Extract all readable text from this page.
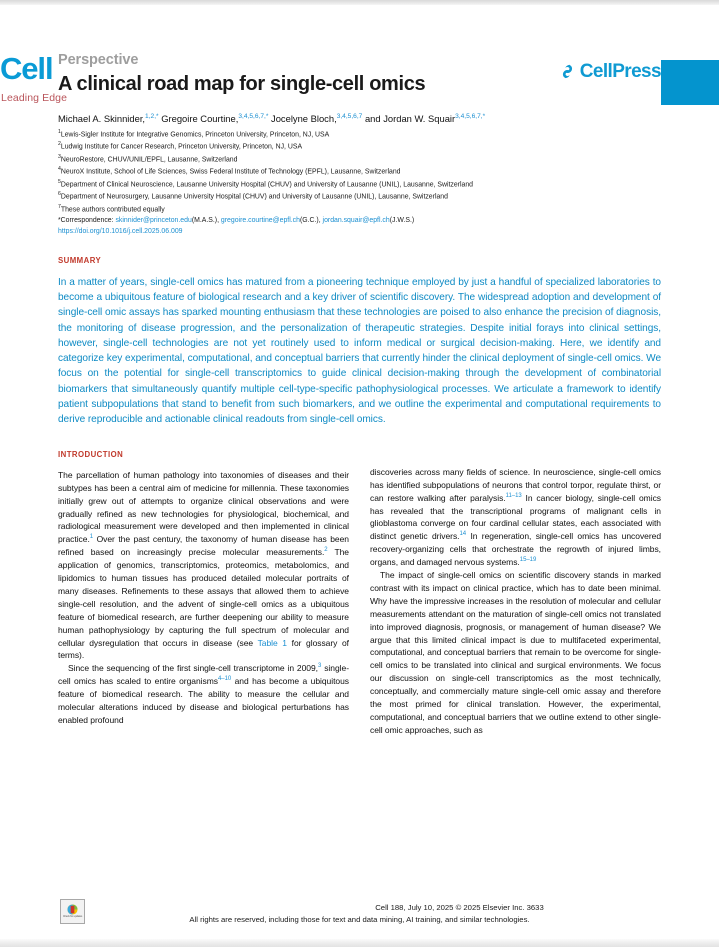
Cell
Leading Edge
CellPress
Perspective
A clinical road map for single-cell omics
Michael A. Skinnider,$^{1,2,*}$ Gregoire Courtine,$^{3,4,5,6,7,*}$ Jocelyne Bloch,$^{3,4,5,6,7}$ and Jordan W. Squair$^{3,4,5,6,7,*}$
$^1$Lewis-Sigler Institute for Integrative Genomics, Princeton University, Princeton, NJ, USA
$^2$Ludwig Institute for Cancer Research, Princeton University, Princeton, NJ, USA
$^3$NeuroRestore, CHUV/UNIL/EPFL, Lausanne, Switzerland
$^4$NeuroX Institute, School of Life Sciences, Swiss Federal Institute of Technology (EPFL), Lausanne, Switzerland
$^5$Department of Clinical Neuroscience, Lausanne University Hospital (CHUV) and University of Lausanne (UNIL), Lausanne, Switzerland
$^6$Department of Neurosurgery, Lausanne University Hospital (CHUV) and University of Lausanne (UNIL), Lausanne, Switzerland
$^7$These authors contributed equally
*Correspondence: skinnider@princeton.edu(M.A.S.), gregoire.courtine@epfl.ch(G.C.), jordan.squair@epfl.ch(J.W.S.)
https://doi.org/10.1016/j.cell.2025.06.009
SUMMARY
In a matter of years, single-cell omics has matured from a pioneering technique employed by just a handful of specialized laboratories to become a ubiquitous feature of biological research and a key driver of scientific discovery. The widespread adoption and development of single-cell omic assays has sparked mounting enthusiasm that these technologies are poised to also enhance the precision of diagnosis, the monitoring of disease progression, and the personalization of therapeutic strategies. Despite initial forays into clinical settings, however, single-cell technologies are not yet routinely used to inform medical or surgical decision-making. Here, we identify and categorize key experimental, computational, and conceptual barriers that currently hinder the clinical deployment of single-cell omics. We focus on the potential for single-cell transcriptomics to guide clinical decision-making through the development of combinatorial biomarkers that simultaneously quantify multiple cell-type-specific pathophysiological processes. We articulate a framework to identify patient subpopulations that stand to benefit from such biomarkers, and we outline the experimental and computational requirements to derive reproducible and actionable clinical readouts from single-cell omics.
INTRODUCTION

The parcellation of human pathology into taxonomies of diseases and their subtypes has been a central aim of medicine for millennia. These taxonomies initially grew out of attempts to organize clinical observations and were gradually refined as new technologies for physiological, biochemical, and radiological measurement were developed and then implemented in clinical practice.$^1$ Over the past century, the taxonomy of human disease has been refined based on increasingly precise molecular measurements.$^2$ The application of genomics, transcriptomics, proteomics, metabolomics, and lipidomics to human tissues has produced detailed molecular portraits of many diseases. Refinements to these assays that allowed them to achieve single-cell resolution, and the advent of single-cell omics as a ubiquitous feature of biomedical research, are further deepening our ability to measure human pathophysiology by capturing the full spectrum of molecular and cellular dysregulation that occurs in disease (see Table 1 for glossary of terms).

Since the sequencing of the first single-cell transcriptome in 2009,$^3$ single-cell omics has scaled to entire organisms$^{4-10}$ and has become a ubiquitous feature of biomedical research. The ability to measure the cellular and molecular alterations induced by disease and biological perturbations has enabled profound

discoveries across many fields of science. In neuroscience, single-cell omics has identified subpopulations of neurons that control torpor, regulate thirst, or can restore walking after paralysis.$^{11-13}$ In cancer biology, single-cell omics has revealed that the transcriptional programs of malignant cells in glioblastoma converge on four cardinal cellular states, each associated with distinct genetic drivers.$^{14}$ In regeneration, single-cell omics has uncovered recovery-organizing cells that orchestrate the regrowth of injured limbs, organs, and damaged nervous systems.$^{15-19}$

The impact of single-cell omics on scientific discovery stands in marked contrast with its impact on clinical practice, which has to date been minimal. Why have the impressive increases in the resolution of molecular and cellular measurements attendant on the maturation of single-cell omics not translated into improved diagnosis, prognosis, or management of human disease? We argue that this limited clinical impact is due to multifaceted experimental, computational, and conceptual barriers that remain to be overcome for single-cell omics to be translated into clinical and surgical environments. We focus our discussion on single-cell transcriptomics as the most technically, conceptually, and commercially mature single-cell omic assay and therefore the most primed for clinical translation. However, the experimental, computational, and conceptual barriers that we outline extend to other single-cell omic approaches, such as

Check for updates
Cell 188, July 10, 2025 © 2025 Elsevier Inc. 3633
All rights are reserved, including those for text and data mining, AI training, and similar technologies.
